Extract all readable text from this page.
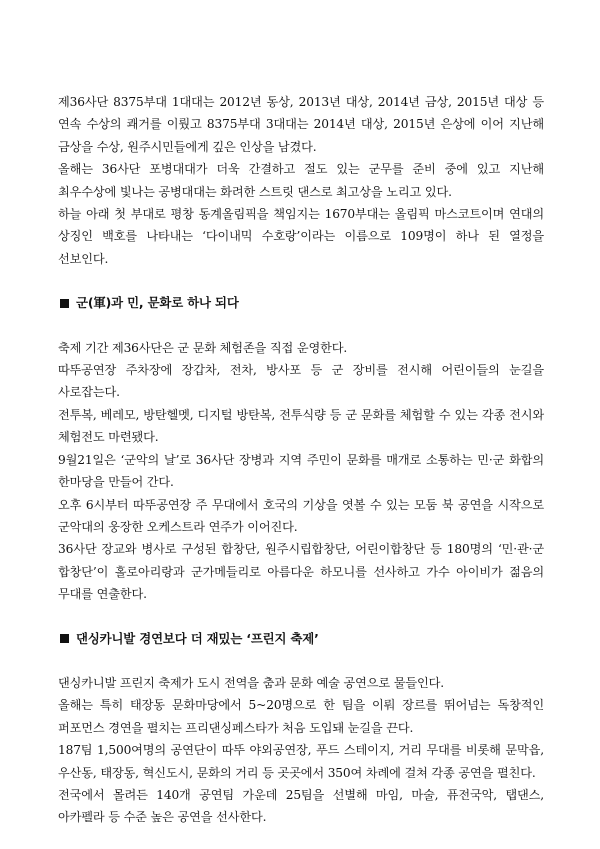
제36사단 8375부대 1대대는 2012년 동상, 2013년 대상, 2014년 금상, 2015년 대상 등 연속 수상의 쾌거를 이뤘고 8375부대 3대대는 2014년 대상, 2015년 은상에 이어 지난해 금상을 수상, 원주시민들에게 깊은 인상을 남겼다.

올해는 36사단 포병대대가 더욱 간결하고 절도 있는 군무를 준비 중에 있고 지난해 최우수상에 빛나는 공병대대는 화려한 스트릿 댄스로 최고상을 노리고 있다.

하늘 아래 첫 부대로 평창 동계올림픽을 책임지는 1670부대는 올림픽 마스코트이며 연대의 상징인 백호를 나타내는 ‘다이내믹 수호랑’이라는 이름으로 109명이 하나 된 열정을 선보인다.

군(軍)과 민, 문화로 하나 되다

축제 기간 제36사단은 군 문화 체험존을 직접 운영한다.

따뚜공연장 주차장에 장갑차, 전차, 방사포 등 군 장비를 전시해 어린이들의 눈길을 사로잡는다.

전투복, 베레모, 방탄헬멧, 디지털 방탄복, 전투식량 등 군 문화를 체험할 수 있는 각종 전시와 체험전도 마련됐다.

9월21일은 ‘군악의 날’로 36사단 장병과 지역 주민이 문화를 매개로 소통하는 민·군 화합의 한마당을 만들어 간다.

오후 6시부터 따뚜공연장 주 무대에서 호국의 기상을 엿볼 수 있는 모둠 북 공연을 시작으로 군악대의 웅장한 오케스트라 연주가 이어진다.

36사단 장교와 병사로 구성된 합창단, 원주시립합창단, 어린이합창단 등 180명의 ‘민·관·군 합창단’이 홀로아리랑과 군가메들리로 아름다운 하모니를 선사하고 가수 아이비가 젊음의 무대를 연출한다.

댄싱카니발 경연보다 더 재밌는 ‘프린지 축제’

댄싱카니발 프린지 축제가 도시 전역을 춤과 문화 예술 공연으로 물들인다.

올해는 특히 태장동 문화마당에서 5~20명으로 한 팀을 이뤄 장르를 뛰어넘는 독창적인 퍼포먼스 경연을 펼치는 프리댄싱페스타가 처음 도입돼 눈길을 끈다.

187팀 1,500여명의 공연단이 따뚜 야외공연장, 푸드 스테이지, 거리 무대를 비롯해 문막읍, 우산동, 태장동, 혁신도시, 문화의 거리 등 곳곳에서 350여 차례에 걸쳐 각종 공연을 펼친다.

전국에서 몰려든 140개 공연팀 가운데 25팀을 선별해 마임, 마술, 퓨전국악, 탭댄스, 아카펠라 등 수준 높은 공연을 선사한다.
